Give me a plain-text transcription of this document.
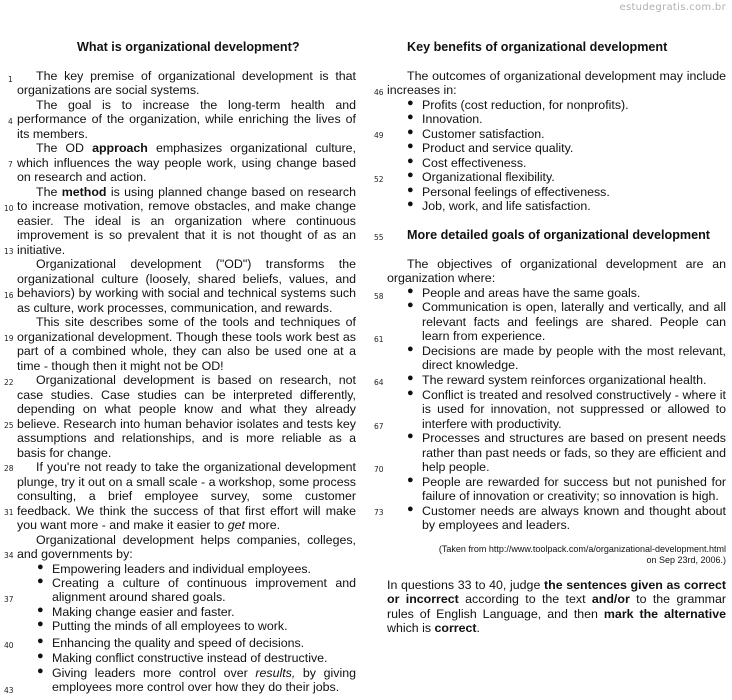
estudegratis.com.br
What is organizational development?
1
4
7
10
13
16
19
22
25
28
31
34
37
40
43
The key premise of organizational development is that
organizations are social systems.
The goal is to increase the long-term health and
performance of the organization, while enriching the lives of
its members.
The OD approach emphasizes organizational culture,
which influences the way people work, using change based
on research and action.
The method is using planned change based on research
to increase motivation, remove obstacles, and make change
easier. The ideal is an organization where continuous
improvement is so prevalent that it is not thought of as an
initiative.
Organizational development ("OD") transforms the
organizational culture (loosely, shared beliefs, values, and
behaviors) by working with social and technical systems such
as culture, work processes, communication, and rewards.
This site describes some of the tools and techniques of
organizational development. Though these tools work best as
part of a combined whole, they can also be used one at a
time - though then it might not be OD!
Organizational development is based on research, not
case studies. Case studies can be interpreted differently,
depending on what people know and what they already
believe. Research into human behavior isolates and tests key
assumptions and relationships, and is more reliable as a
basis for change.
If you're not ready to take the organizational development
plunge, try it out on a small scale - a workshop, some process
consulting, a brief employee survey, some customer
feedback. We think the success of that first effort will make
you want more - and make it easier to get more.
Organizational development helps companies, colleges,
and governments by:
● Empowering leaders and individual employees.
● Creating a culture of continuous improvement and
alignment around shared goals.
● Making change easier and faster.
● Putting the minds of all employees to work.
● Enhancing the quality and speed of decisions.
● Making conflict constructive instead of destructive.
● Giving leaders more control over results, by giving
employees more control over how they do their jobs.
Key benefits of organizational development
46
49
52
55
58
61
64
67
70
73
The outcomes of organizational development may include
increases in:
● Profits (cost reduction, for nonprofits).
● Innovation.
● Customer satisfaction.
● Product and service quality.
● Cost effectiveness.
● Organizational flexibility.
● Personal feelings of effectiveness.
● Job, work, and life satisfaction.
More detailed goals of organizational development
The objectives of organizational development are an
organization where:
● People and areas have the same goals.
● Communication is open, laterally and vertically, and all
relevant facts and feelings are shared. People can
learn from experience.
● Decisions are made by people with the most relevant,
direct knowledge.
● The reward system reinforces organizational health.
● Conflict is treated and resolved constructively - where it
is used for innovation, not suppressed or allowed to
interfere with productivity.
● Processes and structures are based on present needs
rather than past needs or fads, so they are efficient and
help people.
● People are rewarded for success but not punished for
failure of innovation or creativity; so innovation is high.
● Customer needs are always known and thought about
by employees and leaders.
(Taken from http://www.toolpack.com/a/organizational-development.html
on Sep 23rd, 2006.)
In questions 33 to 40, judge the sentences given as correct
or incorrect according to the text and/or to the grammar
rules of English Language, and then mark the alternative
which is correct.
